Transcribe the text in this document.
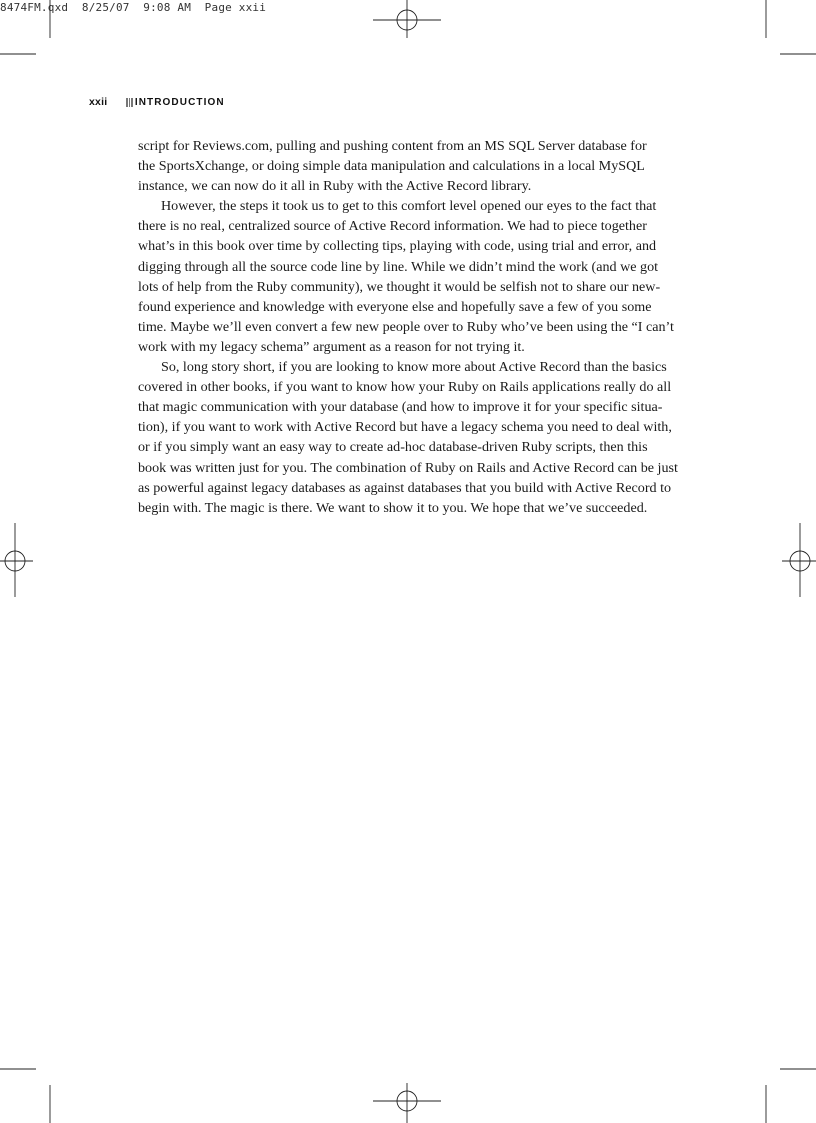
8474FM.qxd  8/25/07  9:08 AM  Page xxii
xxii	INTRODUCTION
script for Reviews.com, pulling and pushing content from an MS SQL Server database for
the SportsXchange, or doing simple data manipulation and calculations in a local MySQL
instance, we can now do it all in Ruby with the Active Record library.
However, the steps it took us to get to this comfort level opened our eyes to the fact that
there is no real, centralized source of Active Record information. We had to piece together
what’s in this book over time by collecting tips, playing with code, using trial and error, and
digging through all the source code line by line. While we didn’t mind the work (and we got
lots of help from the Ruby community), we thought it would be selfish not to share our new-
found experience and knowledge with everyone else and hopefully save a few of you some
time. Maybe we’ll even convert a few new people over to Ruby who’ve been using the “I can’t
work with my legacy schema” argument as a reason for not trying it.
So, long story short, if you are looking to know more about Active Record than the basics
covered in other books, if you want to know how your Ruby on Rails applications really do all
that magic communication with your database (and how to improve it for your specific situa-
tion), if you want to work with Active Record but have a legacy schema you need to deal with,
or if you simply want an easy way to create ad-hoc database-driven Ruby scripts, then this
book was written just for you. The combination of Ruby on Rails and Active Record can be just
as powerful against legacy databases as against databases that you build with Active Record to
begin with. The magic is there. We want to show it to you. We hope that we’ve succeeded.
